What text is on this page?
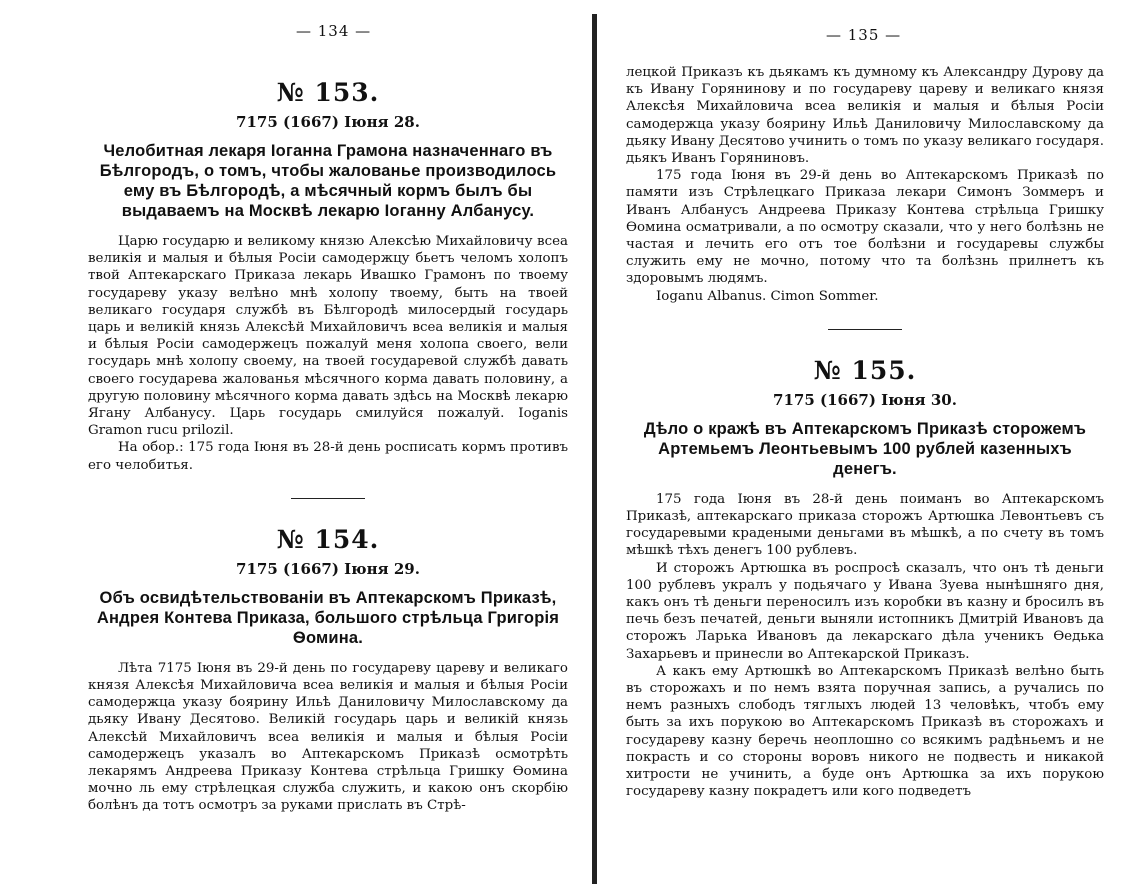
— 134 —
№ 153.
7175 (1667) Іюня 28.
Челобитная лекаря Іоганна Грамона назначеннаго въ Бѣлгородъ, о томъ, чтобы жалованье производилось ему въ Бѣлгородѣ, а мѣсячный кормъ былъ бы выдаваемъ на Москвѣ лекарю Іоганну Албанусу.

Царю государю и великому князю Алексѣю Михайловичу всеа великія и малыя и бѣлыя Росіи самодержцу бьетъ челомъ холопъ твой Аптекарскаго Приказа лекарь Ивашко Грамонъ по твоему государеву указу велѣно мнѣ холопу твоему, быть на твоей великаго государя службѣ въ Бѣлгородѣ милосердый государь царь и великій князь Алексѣй Михайловичъ всеа великія и малыя и бѣлыя Росіи самодержецъ пожалуй меня холопа своего, вели государь мнѣ холопу своему, на твоей государевой службѣ давать своего государева жалованья мѣсячного корма давать половину, а другую половину мѣсячного корма давать здѣсь на Москвѣ лекарю Ягану Албанусу. Царь государь смилуйся пожалуй. Ioganis Gramon rucu prilozil.

На обор.: 175 года Іюня въ 28-й день росписать кормъ противъ его челобитья.

№ 154.
7175 (1667) Іюня 29.
Объ освидѣтельствованіи въ Аптекарскомъ Приказѣ, Андрея Контева Приказа, большого стрѣльца Григорія Ѳомина.

Лѣта 7175 Іюня въ 29-й день по государеву цареву и великаго князя Алексѣя Михайловича всеа великія и малыя и бѣлыя Росіи самодержца указу боярину Ильѣ Даниловичу Милославскому да дьяку Ивану Десятово. Великій государь царь и великій князь Алексѣй Михайловичъ всеа великія и малыя и бѣлыя Росіи самодержецъ указалъ во Аптекарскомъ Приказѣ осмотрѣть лекарямъ Андреева Приказу Контева стрѣльца Гришку Ѳомина мочно ль ему стрѣлецкая служба служить, и какою онъ скорбію болѣнъ да тотъ осмотръ за руками прислать въ Стрѣ-

— 135 —

лецкой Приказъ къ дьякамъ къ думному къ Александру Дурову да къ Ивану Горянинову и по государеву цареву и великаго князя Алексѣя Михайловича всеа великія и малыя и бѣлыя Росіи самодержца указу боярину Ильѣ Даниловичу Милославскому да дьяку Ивану Десятово учинить о томъ по указу великаго государя. дьякъ Иванъ Горяниновъ.

175 года Іюня въ 29-й день во Аптекарскомъ Приказѣ по памяти изъ Стрѣлецкаго Приказа лекари Симонъ Зоммеръ и Иванъ Албанусъ Андреева Приказу Контева стрѣльца Гришку Ѳомина осматривали, а по осмотру сказали, что у него болѣзнь не частая и лечить его отъ тое болѣзни и государевы службы служить ему не мочно, потому что та болѣзнь прилнетъ къ здоровымъ людямъ.

Ioganu Albanus. Cimon Sommer.

№ 155.
7175 (1667) Іюня 30.
Дѣло о кражѣ въ Аптекарскомъ Приказѣ сторожемъ Артемьемъ Леонтьевымъ 100 рублей казенныхъ денегъ.

175 года Іюня въ 28-й день поиманъ во Аптекарскомъ Приказѣ, аптекарскаго приказа сторожъ Артюшка Левонтьевъ съ государевыми крадеными деньгами въ мѣшкѣ, а по счету въ томъ мѣшкѣ тѣхъ денегъ 100 рублевъ.

И сторожъ Артюшка въ роспросѣ сказалъ, что онъ тѣ деньги 100 рублевъ укралъ у подьячаго у Ивана Зуева нынѣшняго дня, какъ онъ тѣ деньги переносилъ изъ коробки въ казну и бросилъ въ печь безъ печатей, деньги выняли истопникъ Дмитрій Ивановъ да сторожъ Ларька Ивановъ да лекарскаго дѣла ученикъ Ѳедька Захарьевъ и принесли во Аптекарской Приказъ.

А какъ ему Артюшкѣ во Аптекарскомъ Приказѣ велѣно быть въ сторожахъ и по немъ взята поручная запись, а ручались по немъ разныхъ слободъ тяглыхъ людей 13 человѣкъ, чтобъ ему быть за ихъ порукою во Аптекарскомъ Приказѣ въ сторожахъ и государеву казну беречь неоплошно со всякимъ радѣньемъ и не покрасть и со стороны воровъ никого не подвесть и никакой хитрости не учинить, а буде онъ Артюшка за ихъ порукою государеву казну покрадетъ или кого подведетъ
